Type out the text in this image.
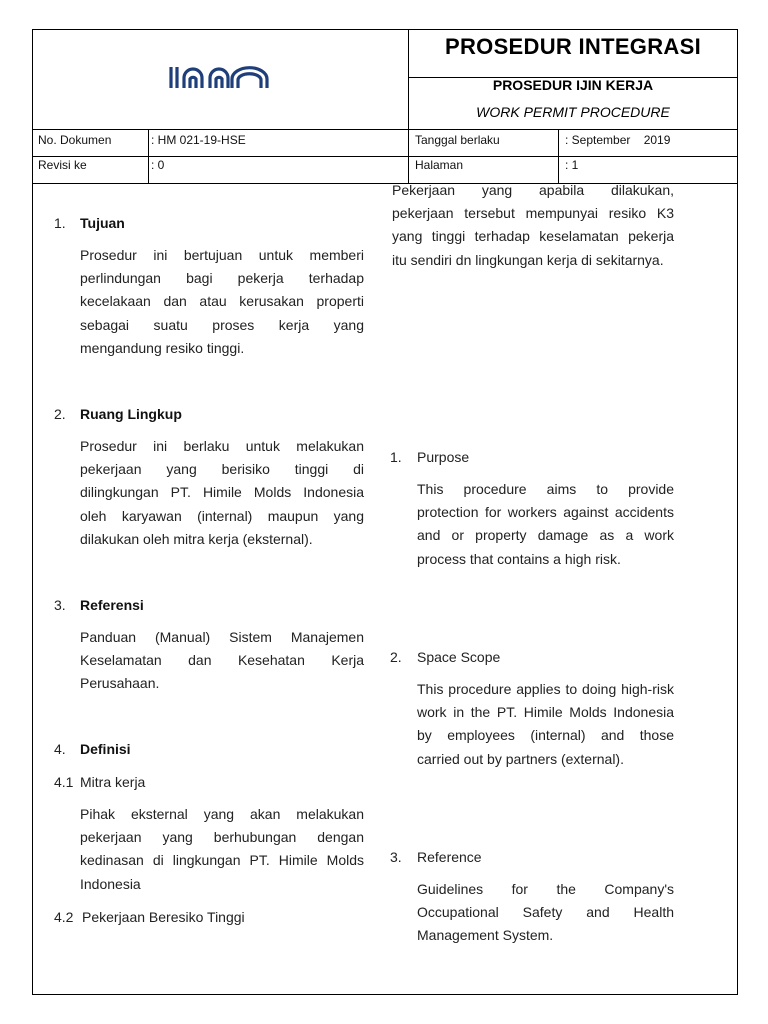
PROSEDUR INTEGRASI
PROSEDUR IJIN KERJA
WORK PERMIT PROCEDURE
No. Dokumen	: HM 021-19-HSE	Tanggal berlaku	: September    2019
Revisi ke	: 0	Halaman	: 1
1. Tujuan
Prosedur ini bertujuan untuk memberi
perlindungan bagi pekerja terhadap
kecelakaan dan atau kerusakan properti
sebagai suatu proses kerja yang
mengandung resiko tinggi.
2. Ruang Lingkup
Prosedur ini berlaku untuk melakukan
pekerjaan yang berisiko tinggi di
dilingkungan PT. Himile Molds Indonesia
oleh karyawan (internal) maupun yang
dilakukan oleh mitra kerja (eksternal).
3. Referensi
Panduan (Manual) Sistem Manajemen
Keselamatan dan Kesehatan Kerja
Perusahaan.
4. Definisi
4.1 Mitra kerja
Pihak eksternal yang akan melakukan
pekerjaan yang berhubungan dengan
kedinasan di lingkungan PT. Himile Molds
Indonesia
4.2 Pekerjaan Beresiko Tinggi
Pekerjaan yang apabila dilakukan,
pekerjaan tersebut mempunyai resiko K3
yang tinggi terhadap keselamatan pekerja
itu sendiri dn lingkungan kerja di sekitarnya.
1. Purpose
This procedure aims to provide
protection for workers against accidents
and or property damage as a work
process that contains a high risk.
2. Space Scope
This procedure applies to doing high-risk
work in the PT. Himile Molds Indonesia
by employees (internal) and those
carried out by partners (external).
3. Reference
Guidelines for the Company's
Occupational Safety and Health
Management System.
